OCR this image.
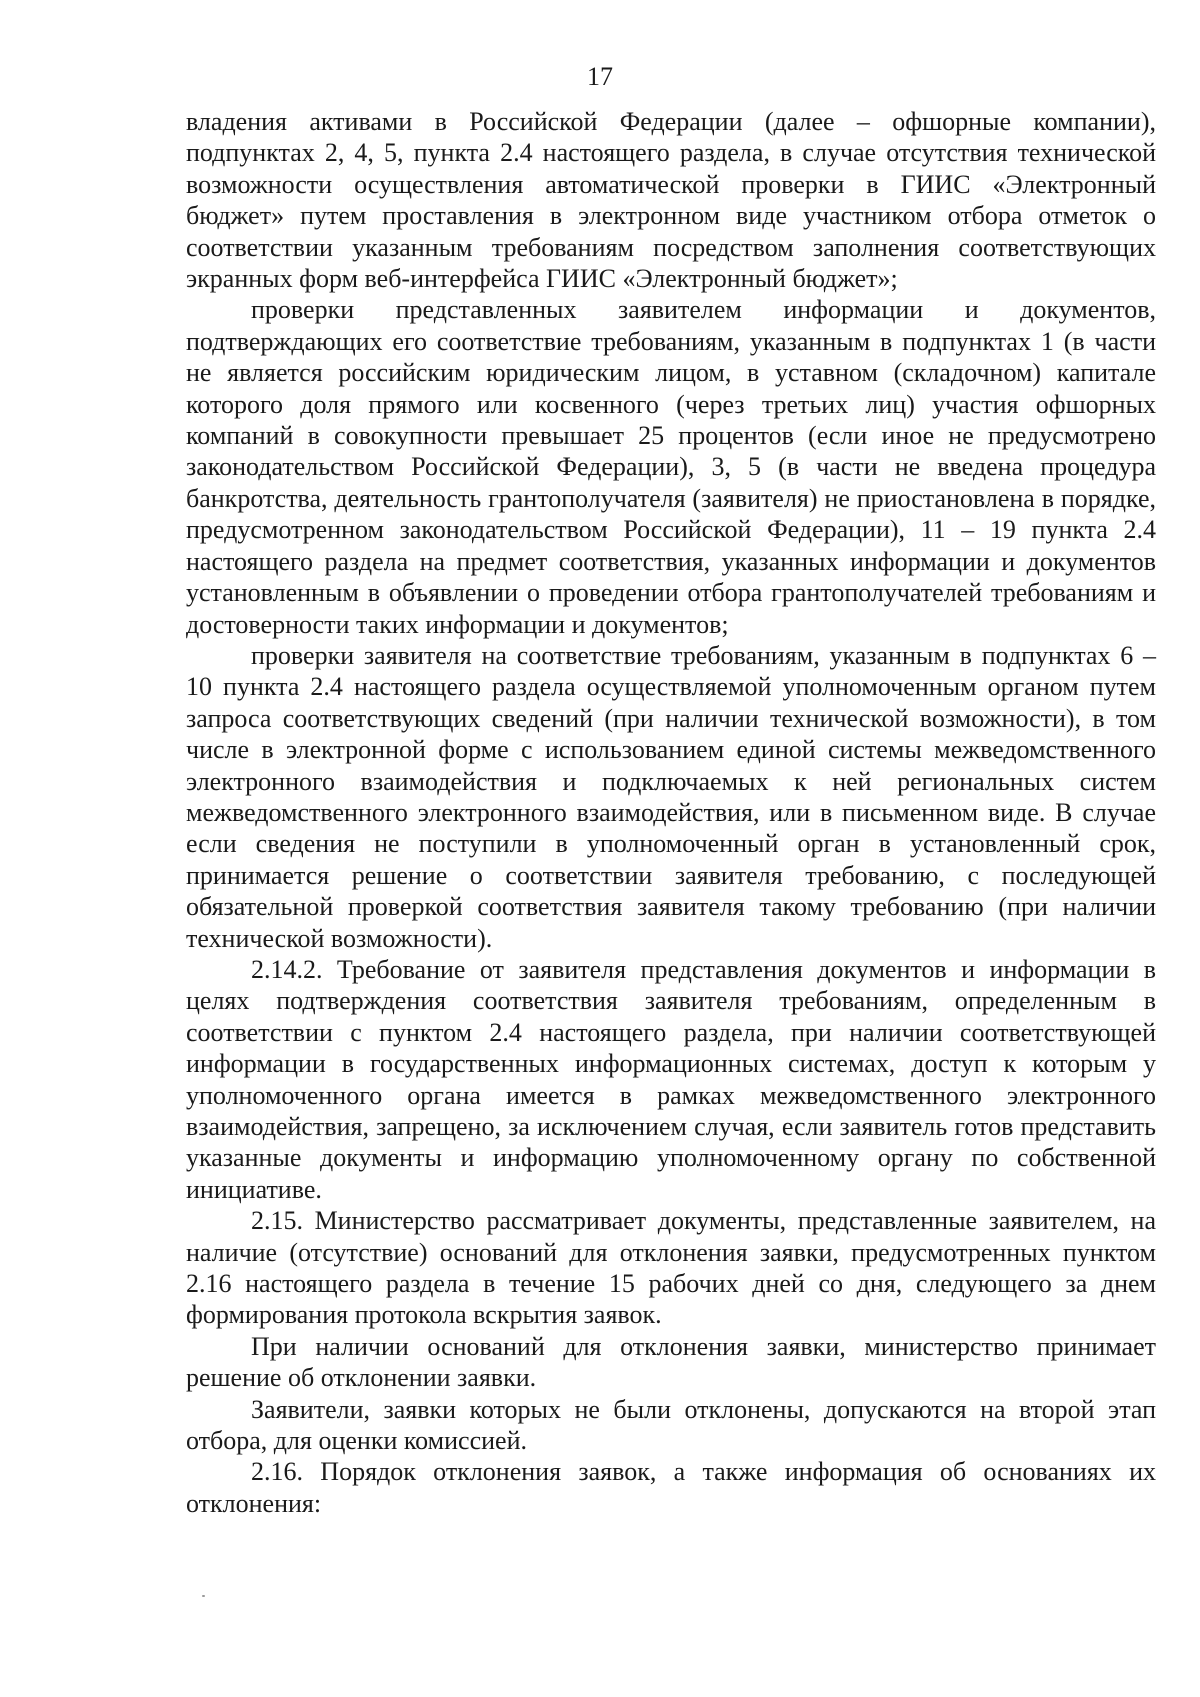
17

владения активами в Российской Федерации (далее – офшорные компании), подпунктах 2, 4, 5, пункта 2.4 настоящего раздела, в случае отсутствия технической возможности осуществления автоматической проверки в ГИИС «Электронный бюджет» путем проставления в электронном виде участником отбора отметок о соответствии указанным требованиям посредством заполнения соответствующих экранных форм веб-интерфейса ГИИС «Электронный бюджет»;

проверки представленных заявителем информации и документов, подтверждающих его соответствие требованиям, указанным в подпунктах 1 (в части не является российским юридическим лицом, в уставном (складочном) капитале которого доля прямого или косвенного (через третьих лиц) участия офшорных компаний в совокупности превышает 25 процентов (если иное не предусмотрено законодательством Российской Федерации), 3, 5 (в части не введена процедура банкротства, деятельность грантополучателя (заявителя) не приостановлена в порядке, предусмотренном законодательством Российской Федерации), 11 – 19 пункта 2.4 настоящего раздела на предмет соответствия, указанных информации и документов установленным в объявлении о проведении отбора грантополучателей требованиям и достоверности таких информации и документов;

проверки заявителя на соответствие требованиям, указанным в подпунктах 6 – 10 пункта 2.4 настоящего раздела осуществляемой уполномоченным органом путем запроса соответствующих сведений (при наличии технической возможности), в том числе в электронной форме с использованием единой системы межведомственного электронного взаимодействия и подключаемых к ней региональных систем межведомственного электронного взаимодействия, или в письменном виде. В случае если сведения не поступили в уполномоченный орган в установленный срок, принимается решение о соответствии заявителя требованию, с последующей обязательной проверкой соответствия заявителя такому требованию (при наличии технической возможности).

2.14.2. Требование от заявителя представления документов и информации в целях подтверждения соответствия заявителя требованиям, определенным в соответствии с пунктом 2.4 настоящего раздела, при наличии соответствующей информации в государственных информационных системах, доступ к которым у уполномоченного органа имеется в рамках межведомственного электронного взаимодействия, запрещено, за исключением случая, если заявитель готов представить указанные документы и информацию уполномоченному органу по собственной инициативе.

2.15. Министерство рассматривает документы, представленные заявителем, на наличие (отсутствие) оснований для отклонения заявки, предусмотренных пунктом 2.16 настоящего раздела в течение 15 рабочих дней со дня, следующего за днем формирования протокола вскрытия заявок.

При наличии оснований для отклонения заявки, министерство принимает решение об отклонении заявки.

Заявители, заявки которых не были отклонены, допускаются на второй этап отбора, для оценки комиссией.

2.16. Порядок отклонения заявок, а также информация об основаниях их отклонения:
